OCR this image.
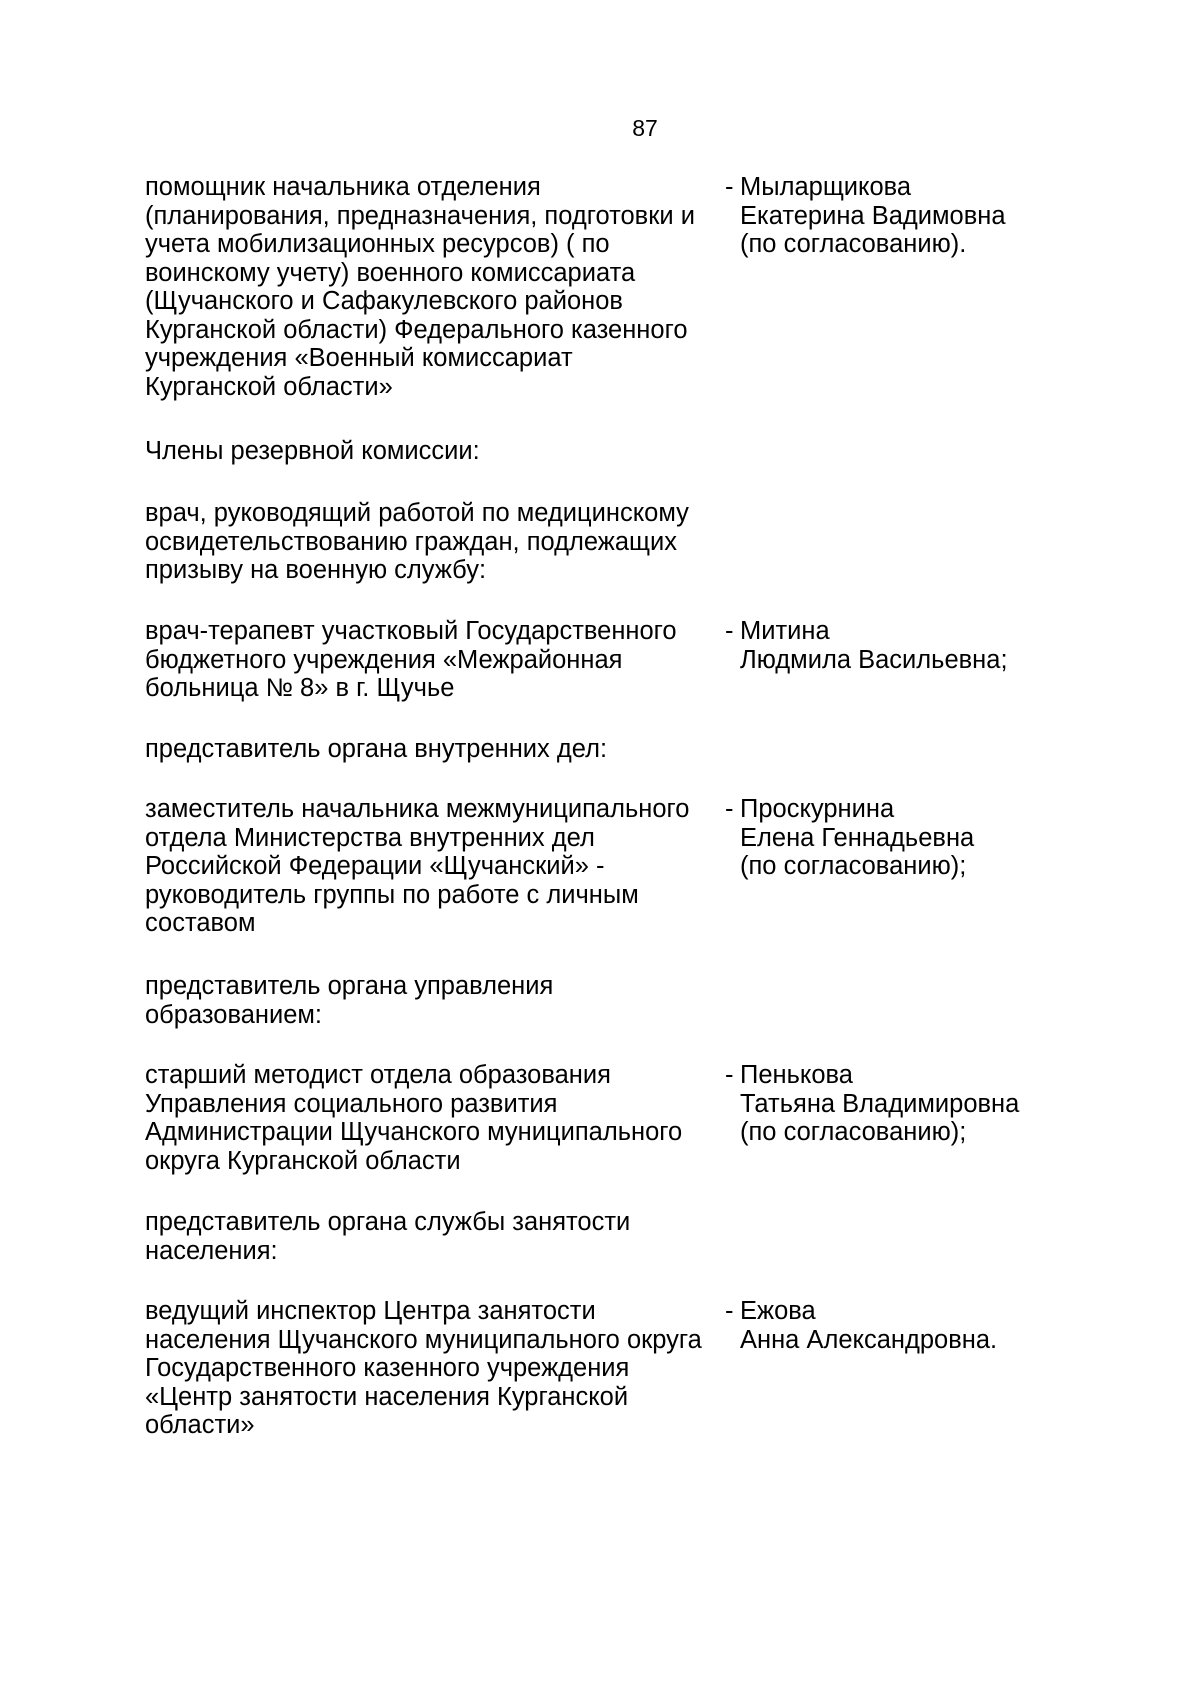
87
помощник начальника отделения
(планирования, предназначения, подготовки и
учета мобилизационных ресурсов) ( по
воинскому учету) военного комиссариата
(Щучанского и Сафакулевского районов
Курганской области) Федерального казенного
учреждения «Военный комиссариат
Курганской области»
- Мыларщикова
Екатерина Вадимовна
(по согласованию).
Члены резервной комиссии:
врач, руководящий работой по медицинскому
освидетельствованию граждан, подлежащих
призыву на военную службу:
врач-терапевт участковый Государственного
бюджетного учреждения «Межрайонная
больница № 8» в г. Щучье
- Митина
Людмила Васильевна;
представитель органа внутренних дел:
заместитель начальника межмуниципального
отдела Министерства внутренних дел
Российской Федерации «Щучанский» -
руководитель группы по работе с личным
составом
- Проскурнина
Елена Геннадьевна
(по согласованию);
представитель органа управления
образованием:
старший методист отдела образования
Управления социального развития
Администрации Щучанского муниципального
округа Курганской области
- Пенькова
Татьяна Владимировна
(по согласованию);
представитель органа службы занятости
населения:
ведущий инспектор Центра занятости
населения Щучанского муниципального округа
Государственного казенного учреждения
«Центр занятости населения Курганской
области»
- Ежова
Анна Александровна.
